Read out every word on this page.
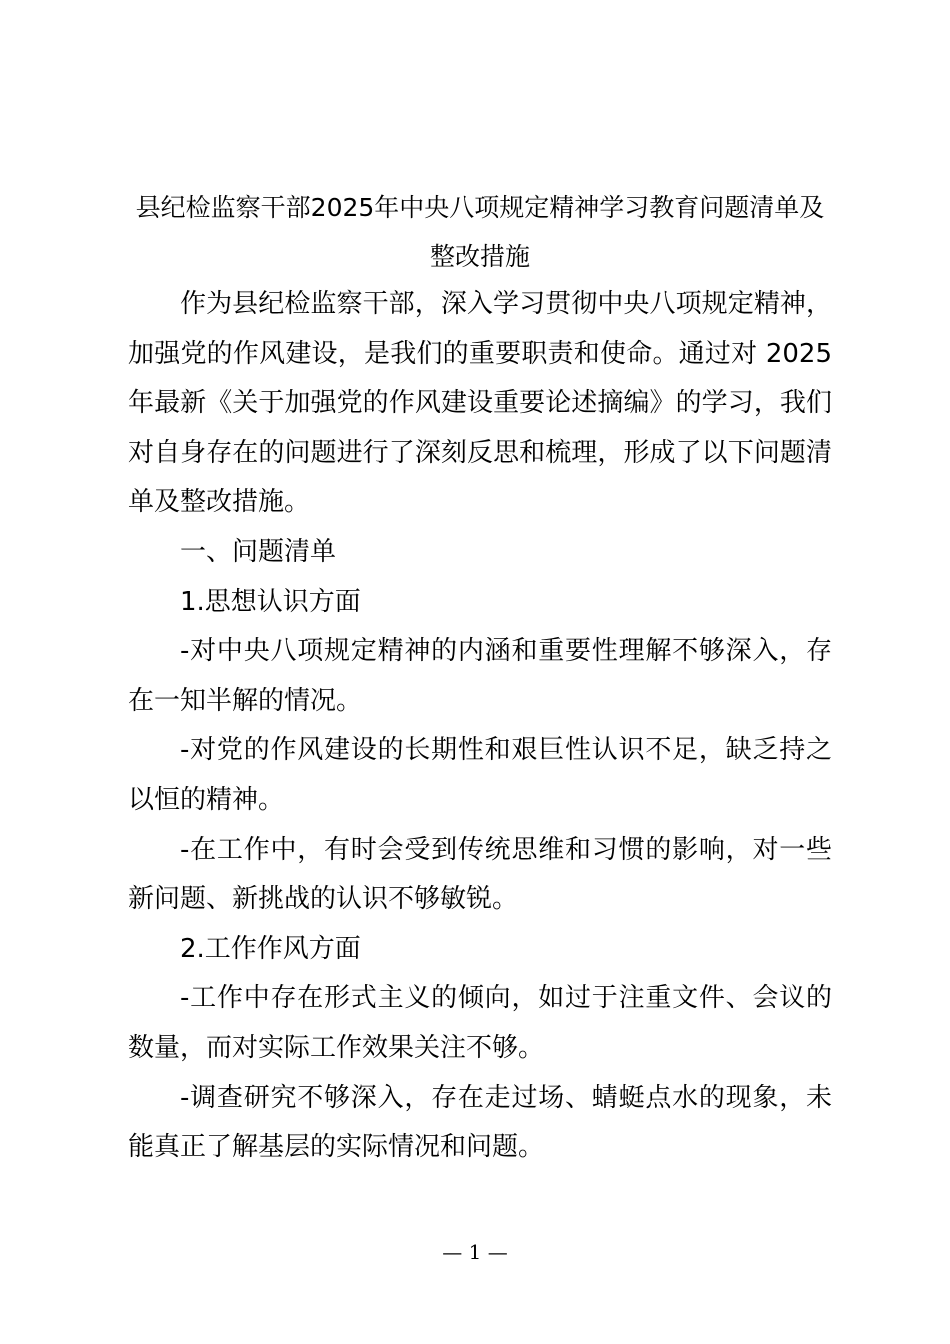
县纪检监察干部2025年中央八项规定精神学习教育问题清单及整改措施

作为县纪检监察干部，深入学习贯彻中央八项规定精神，加强党的作风建设，是我们的重要职责和使命。通过对 2025 年最新《关于加强党的作风建设重要论述摘编》的学习，我们对自身存在的问题进行了深刻反思和梳理，形成了以下问题清单及整改措施。

一、问题清单

1.思想认识方面

-对中央八项规定精神的内涵和重要性理解不够深入，存在一知半解的情况。

-对党的作风建设的长期性和艰巨性认识不足，缺乏持之以恒的精神。

-在工作中，有时会受到传统思维和习惯的影响，对一些新问题、新挑战的认识不够敏锐。

2.工作作风方面

-工作中存在形式主义的倾向，如过于注重文件、会议的数量，而对实际工作效果关注不够。

-调查研究不够深入，存在走过场、蜻蜓点水的现象，未能真正了解基层的实际情况和问题。

— 1 —
